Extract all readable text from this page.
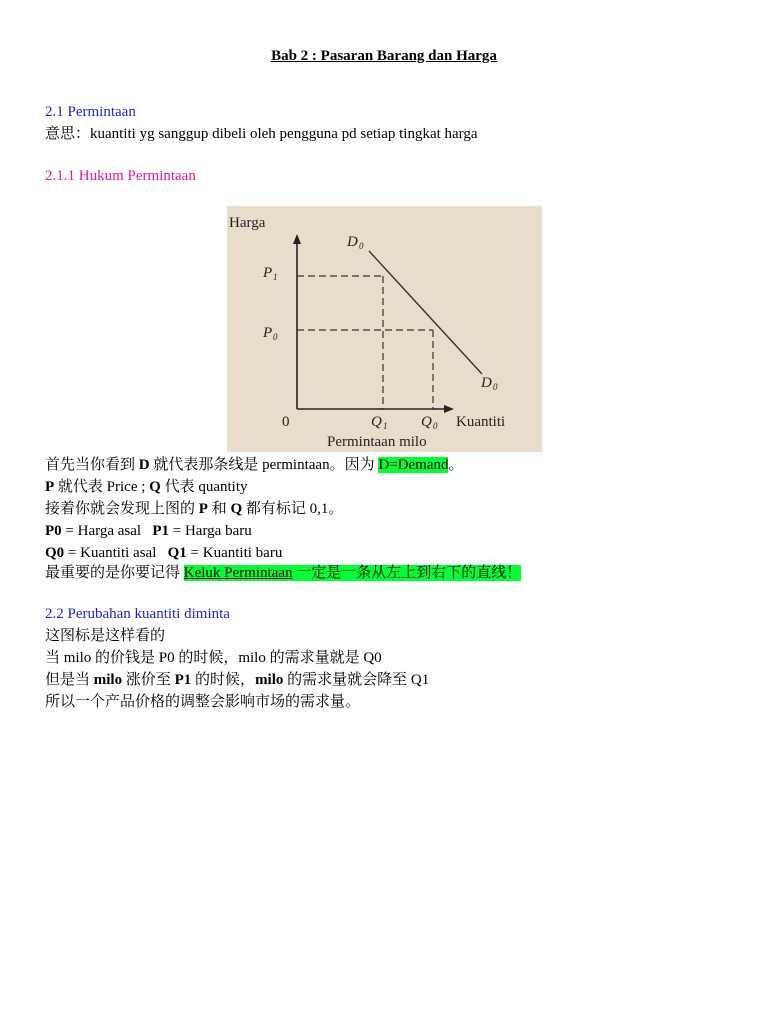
Bab 2 : Pasaran Barang dan Harga
2.1 Permintaan
意思：kuantiti yg sanggup dibeli oleh pengguna pd setiap tingkat harga
2.1.1 Hukum Permintaan
Harga
Kuantiti
Permintaan milo
0
P 1
P 0
Q 1 Q 0
D 0
D 0
首先当你看到 D 就代表那条线是 permintaan。因为 D=Demand。
P 就代表 Price ; Q 代表 quantity
接着你就会发现上图的 P 和 Q 都有标记 0,1。
P0 = Harga asal   P1 = Harga baru
Q0 = Kuantiti asal   Q1 = Kuantiti baru
最重要的是你要记得 Keluk Permintaan 一定是一条从左上到右下的直线！
2.2 Perubahan kuantiti diminta
这图标是这样看的
当 milo 的价钱是 P0 的时候，milo 的需求量就是 Q0
但是当 milo 涨价至 P1 的时候，milo 的需求量就会降至 Q1
所以一个产品价格的调整会影响市场的需求量。
